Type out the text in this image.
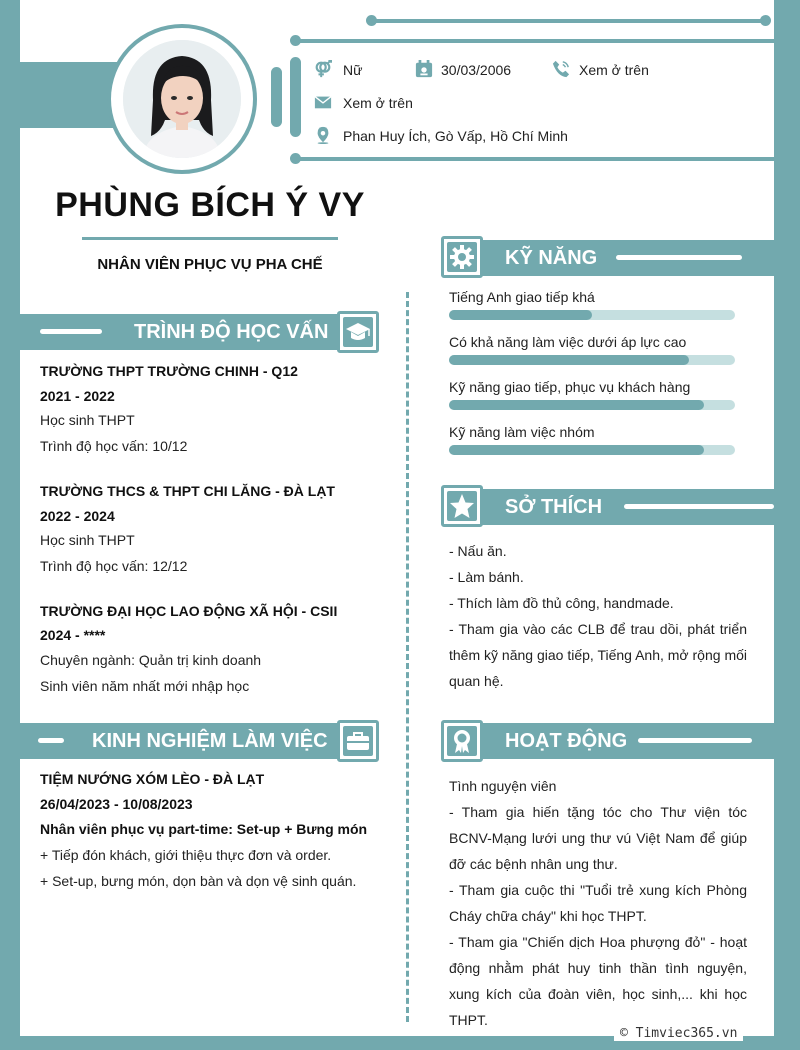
Nữ	30/03/2006	Xem ở trên
Xem ở trên
Phan Huy Ích, Gò Vấp, Hồ Chí Minh
PHÙNG BÍCH Ý VY
NHÂN VIÊN PHỤC VỤ PHA CHẾ
TRÌNH ĐỘ HỌC VẤN
TRƯỜNG THPT TRƯỜNG CHINH - Q12
2021 - 2022
Học sinh THPT
Trình độ học vấn: 10/12
TRƯỜNG THCS & THPT CHI LĂNG - ĐÀ LẠT
2022 - 2024
Học sinh THPT
Trình độ học vấn: 12/12
TRƯỜNG ĐẠI HỌC LAO ĐỘNG XÃ HỘI - CSII
2024 - ****
Chuyên ngành: Quản trị kinh doanh
Sinh viên năm nhất mới nhập học
KINH NGHIỆM LÀM VIỆC
TIỆM NƯỚNG XÓM LÈO - ĐÀ LẠT
26/04/2023 - 10/08/2023
Nhân viên phục vụ part-time: Set-up + Bưng món
+ Tiếp đón khách, giới thiệu thực đơn và order.
+ Set-up, bưng món, dọn bàn và dọn vệ sinh quán.
KỸ NĂNG
Tiếng Anh giao tiếp khá
Có khả năng làm việc dưới áp lực cao
Kỹ năng giao tiếp, phục vụ khách hàng
Kỹ năng làm việc nhóm
SỞ THÍCH
- Nấu ăn.
- Làm bánh.
- Thích làm đồ thủ công, handmade.
- Tham gia vào các CLB để trau dồi, phát triển thêm kỹ năng giao tiếp, Tiếng Anh, mở rộng mối quan hệ.
HOẠT ĐỘNG
Tình nguyện viên
- Tham gia hiến tặng tóc cho Thư viện tóc BCNV-Mạng lưới ung thư vú Việt Nam để giúp đỡ các bệnh nhân ung thư.
- Tham gia cuộc thi "Tuổi trẻ xung kích Phòng Cháy chữa cháy" khi học THPT.
- Tham gia "Chiến dịch Hoa phượng đỏ" - hoạt động nhằm phát huy tinh thần tình nguyện, xung kích của đoàn viên, học sinh,... khi học THPT.
© Timviec365.vn
